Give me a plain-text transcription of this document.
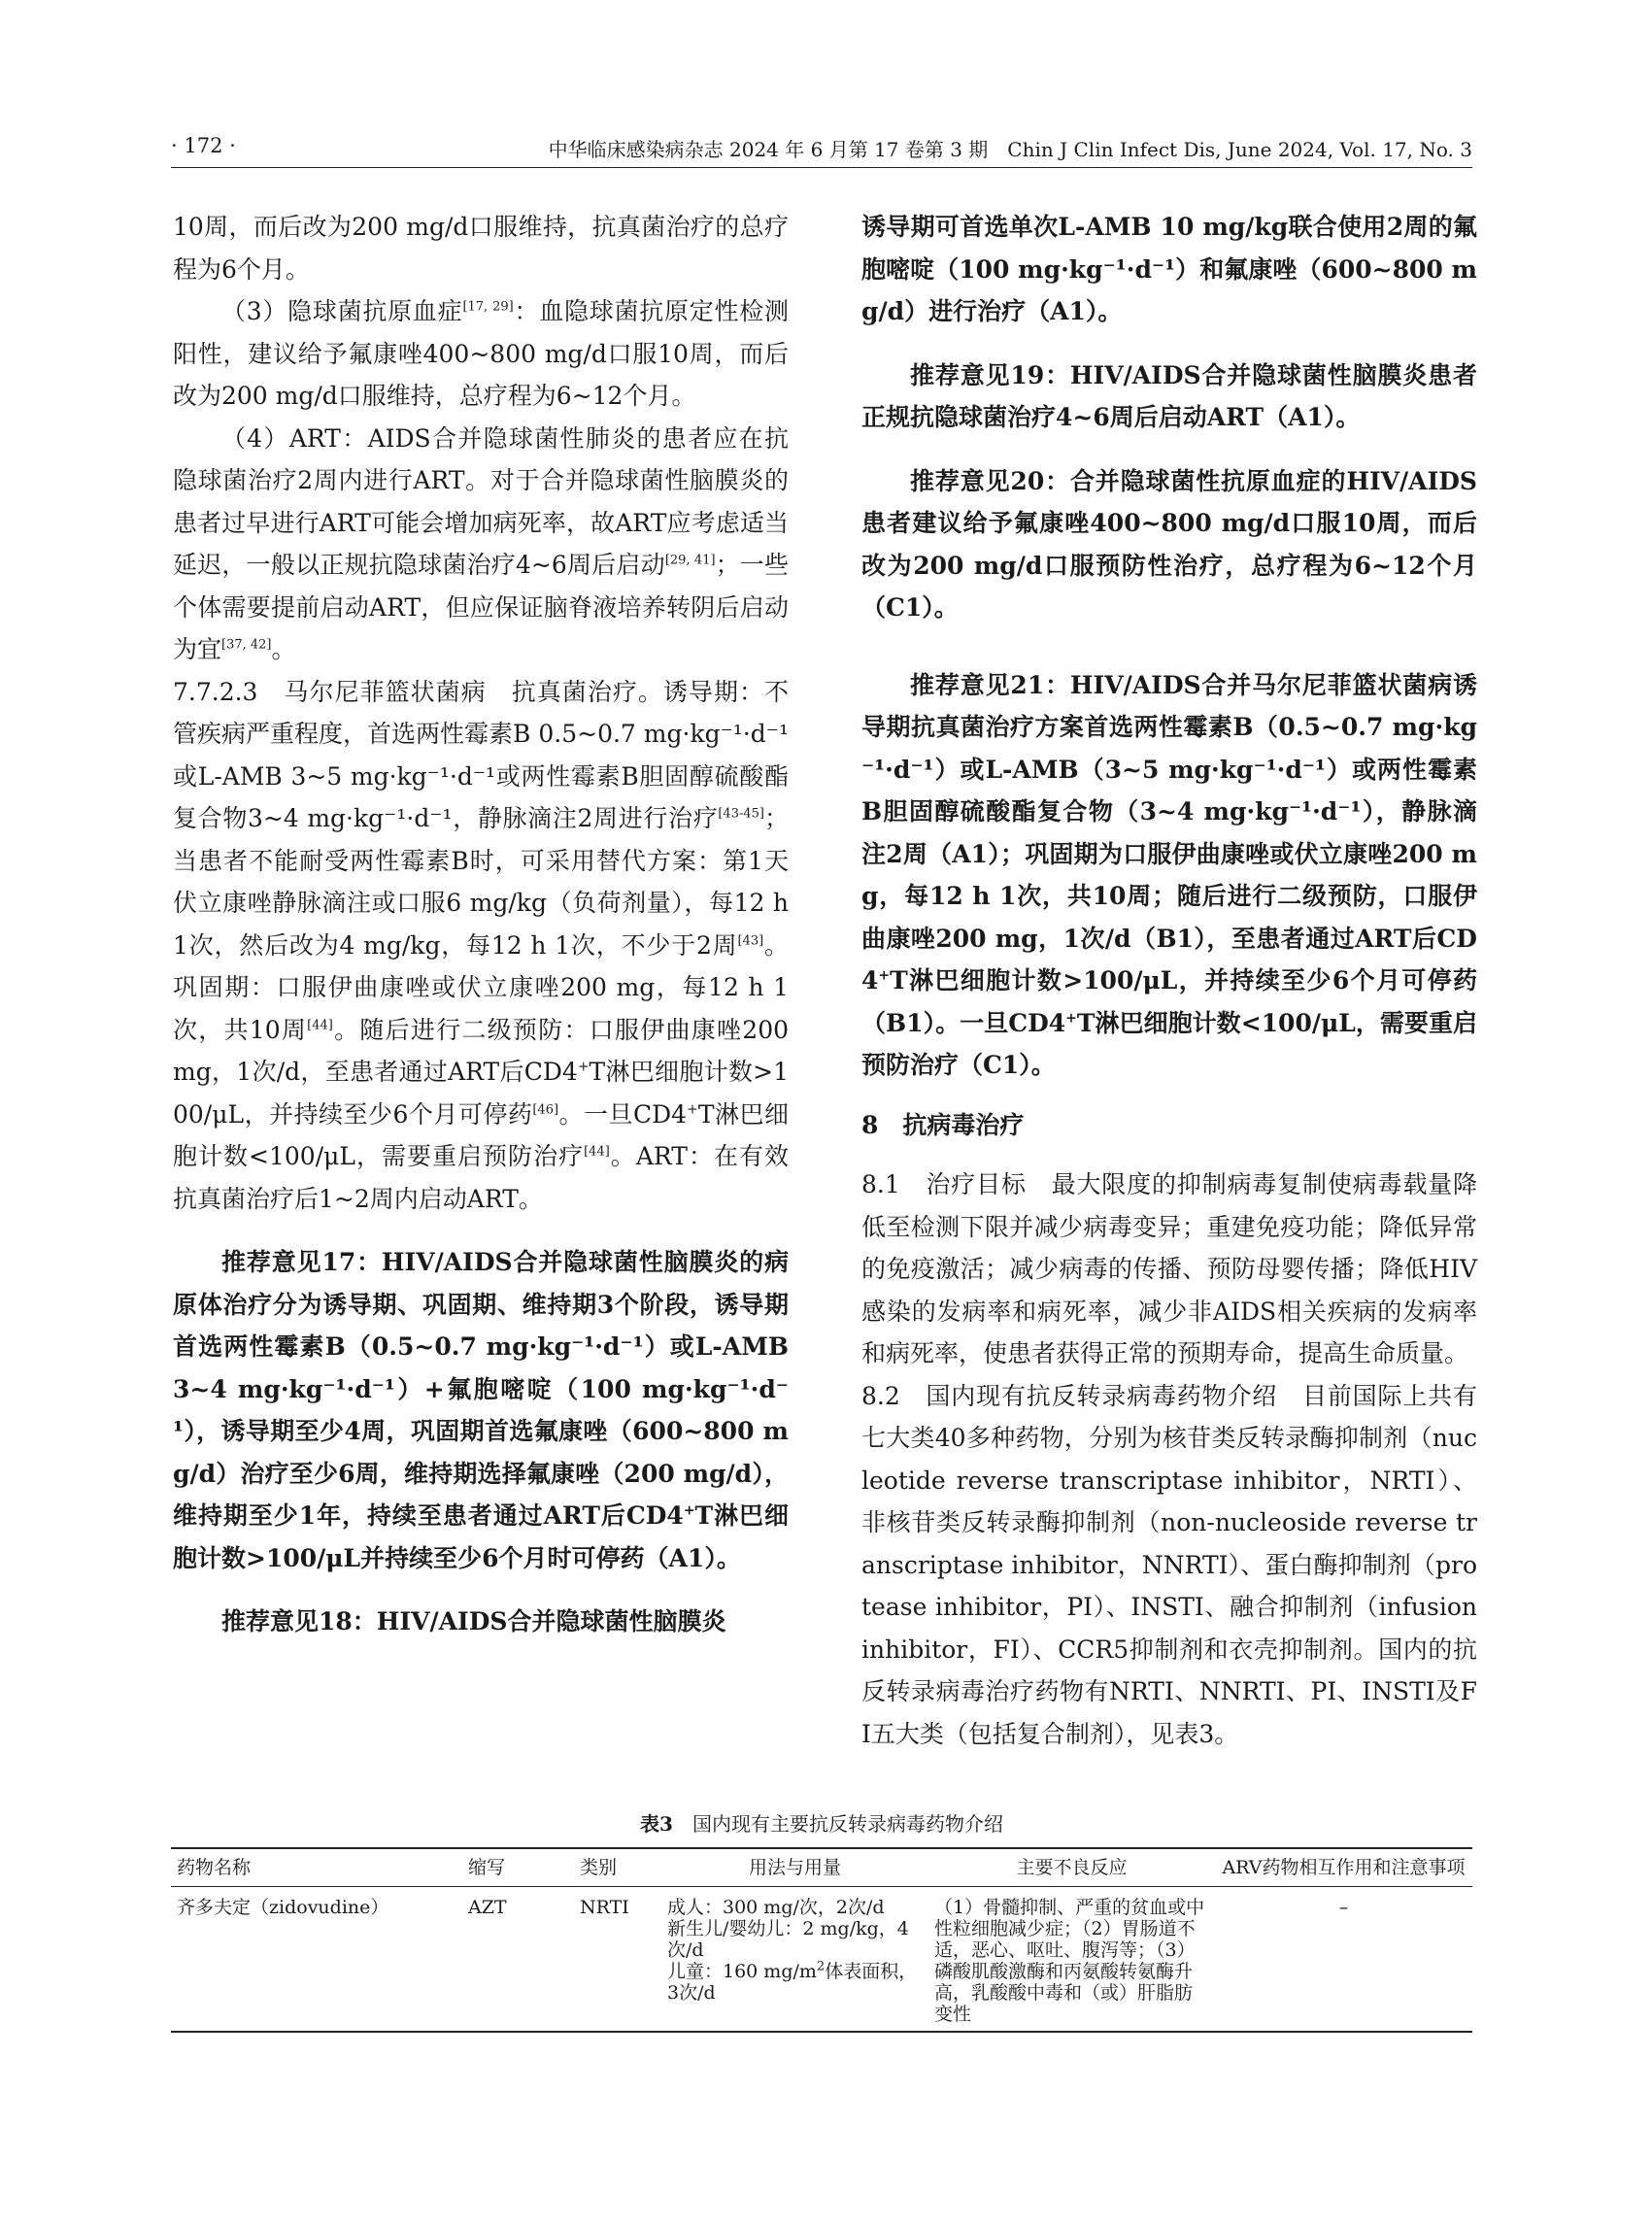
· 172 ·	中华临床感染病杂志 2024 年 6 月第 17 卷第 3 期　Chin J Clin Infect Dis, June 2024, Vol. 17, No. 3

10周，而后改为200 mg/d口服维持，抗真菌治疗的总疗程为6个月。

（3）隐球菌抗原血症[17, 29]：血隐球菌抗原定性检测阳性，建议给予氟康唑400~800 mg/d口服10周，而后改为200 mg/d口服维持，总疗程为6~12个月。

（4）ART：AIDS合并隐球菌性肺炎的患者应在抗隐球菌治疗2周内进行ART。对于合并隐球菌性脑膜炎的患者过早进行ART可能会增加病死率，故ART应考虑适当延迟，一般以正规抗隐球菌治疗4~6周后启动[29, 41]；一些个体需要提前启动ART，但应保证脑脊液培养转阴后启动为宜[37, 42]。

7.7.2.3　马尔尼菲篮状菌病　抗真菌治疗。诱导期：不管疾病严重程度，首选两性霉素B 0.5~0.7 mg·kg⁻¹·d⁻¹或L-AMB 3~5 mg·kg⁻¹·d⁻¹或两性霉素B胆固醇硫酸酯复合物3~4 mg·kg⁻¹·d⁻¹，静脉滴注2周进行治疗[43-45]；当患者不能耐受两性霉素B时，可采用替代方案：第1天伏立康唑静脉滴注或口服6 mg/kg（负荷剂量），每12 h 1次，然后改为4 mg/kg，每12 h 1次，不少于2周[43]。巩固期：口服伊曲康唑或伏立康唑200 mg，每12 h 1次，共10周[44]。随后进行二级预防：口服伊曲康唑200 mg，1次/d，至患者通过ART后CD4+T淋巴细胞计数>100/μL，并持续至少6个月可停药[46]。一旦CD4+T淋巴细胞计数<100/μL，需要重启预防治疗[44]。ART：在有效抗真菌治疗后1~2周内启动ART。

推荐意见17：HIV/AIDS合并隐球菌性脑膜炎的病原体治疗分为诱导期、巩固期、维持期3个阶段，诱导期首选两性霉素B（0.5~0.7 mg·kg⁻¹·d⁻¹）或L-AMB 3~4 mg·kg⁻¹·d⁻¹）+氟胞嘧啶（100 mg·kg⁻¹·d⁻¹），诱导期至少4周，巩固期首选氟康唑（600~800 mg/d）治疗至少6周，维持期选择氟康唑（200 mg/d），维持期至少1年，持续至患者通过ART后CD4+T淋巴细胞计数>100/μL并持续至少6个月时可停药（A1）。

推荐意见18：HIV/AIDS合并隐球菌性脑膜炎

诱导期可首选单次L-AMB 10 mg/kg联合使用2周的氟胞嘧啶（100 mg·kg⁻¹·d⁻¹）和氟康唑（600~800 mg/d）进行治疗（A1）。

推荐意见19：HIV/AIDS合并隐球菌性脑膜炎患者正规抗隐球菌治疗4~6周后启动ART（A1）。

推荐意见20：合并隐球菌性抗原血症的HIV/AIDS患者建议给予氟康唑400~800 mg/d口服10周，而后改为200 mg/d口服预防性治疗，总疗程为6~12个月（C1）。

推荐意见21：HIV/AIDS合并马尔尼菲篮状菌病诱导期抗真菌治疗方案首选两性霉素B（0.5~0.7 mg·kg⁻¹·d⁻¹）或L-AMB（3~5 mg·kg⁻¹·d⁻¹）或两性霉素B胆固醇硫酸酯复合物（3~4 mg·kg⁻¹·d⁻¹），静脉滴注2周（A1）；巩固期为口服伊曲康唑或伏立康唑200 mg，每12 h 1次，共10周；随后进行二级预防，口服伊曲康唑200 mg，1次/d（B1），至患者通过ART后CD4+T淋巴细胞计数>100/μL，并持续至少6个月可停药（B1）。一旦CD4+T淋巴细胞计数<100/μL，需要重启预防治疗（C1）。

8　抗病毒治疗

8.1　治疗目标　最大限度的抑制病毒复制使病毒载量降低至检测下限并减少病毒变异；重建免疫功能；降低异常的免疫激活；减少病毒的传播、预防母婴传播；降低HIV感染的发病率和病死率，减少非AIDS相关疾病的发病率和病死率，使患者获得正常的预期寿命，提高生命质量。

8.2　国内现有抗反转录病毒药物介绍　目前国际上共有七大类40多种药物，分别为核苷类反转录酶抑制剂（nucleotide reverse transcriptase inhibitor，NRTI）、非核苷类反转录酶抑制剂（non-nucleoside reverse transcriptase inhibitor，NNRTI）、蛋白酶抑制剂（protease inhibitor，PI）、INSTI、融合抑制剂（infusion inhibitor，FI）、CCR5抑制剂和衣壳抑制剂。国内的抗反转录病毒治疗药物有NRTI、NNRTI、PI、INSTI及FI五大类（包括复合制剂），见表3。

表3　 国内现有主要抗反转录病毒药物介绍
药物名称	缩写	类别	用法与用量	主要不良反应	ARV药物相互作用和注意事项
齐多夫定（zidovudine）	AZT	NRTI	成人：300 mg/次，2次/d
新生儿/婴幼儿：2 mg/kg，4次/d
儿童：160 $mg/m^2$体表面积，3次/d	（1）骨髓抑制、严重的贫血或中性粒细胞减少症；（2）胃肠道不适，恶心、呕吐、腹泻等；（3）磷酸肌酸激酶和丙氨酸转氨酶升高，乳酸酸中毒和（或）肝脂肪变性	–
